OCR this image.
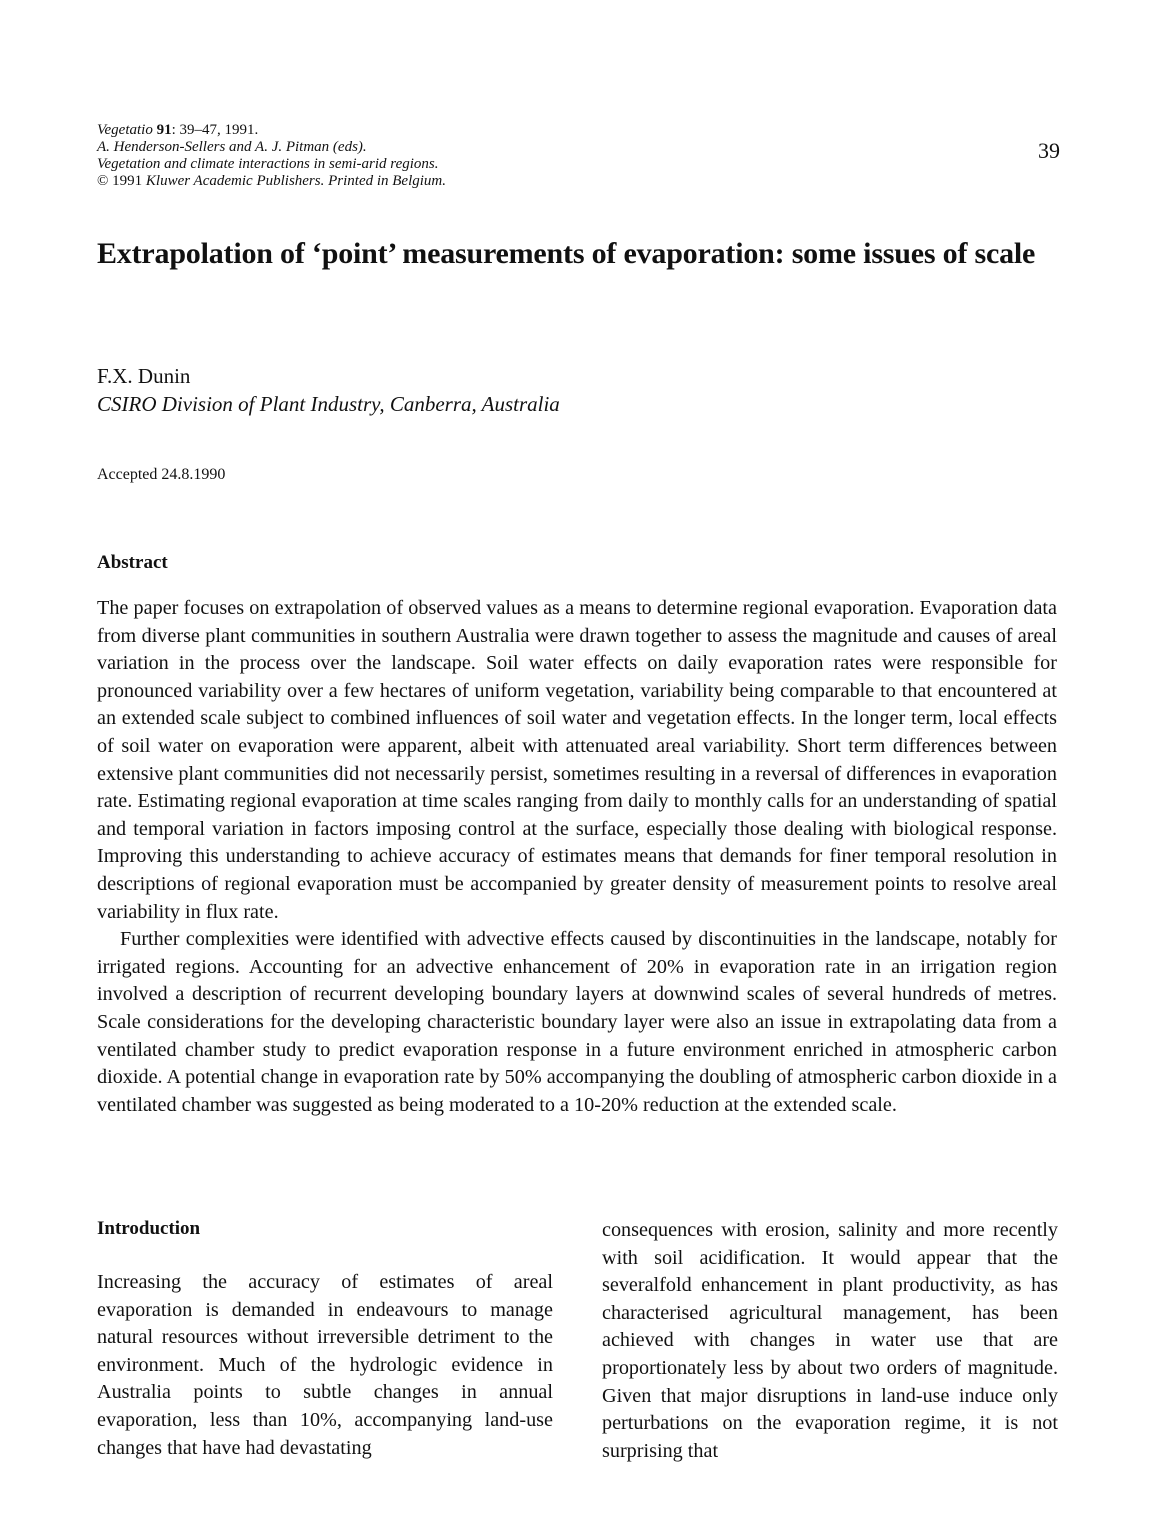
Vegetatio 91: 39–47, 1991.
A. Henderson-Sellers and A. J. Pitman (eds).
Vegetation and climate interactions in semi-arid regions.
© 1991 Kluwer Academic Publishers. Printed in Belgium.
39
Extrapolation of ‘point’ measurements of evaporation: some issues of scale
F.X. Dunin
CSIRO Division of Plant Industry, Canberra, Australia
Accepted 24.8.1990
Abstract

The paper focuses on extrapolation of observed values as a means to determine regional evaporation. Evaporation data from diverse plant communities in southern Australia were drawn together to assess the magnitude and causes of areal variation in the process over the landscape. Soil water effects on daily evaporation rates were responsible for pronounced variability over a few hectares of uniform vegetation, variability being comparable to that encountered at an extended scale subject to combined influences of soil water and vegetation effects. In the longer term, local effects of soil water on evaporation were apparent, albeit with attenuated areal variability. Short term differences between extensive plant communities did not necessarily persist, sometimes resulting in a reversal of differences in evaporation rate. Estimating regional evaporation at time scales ranging from daily to monthly calls for an understanding of spatial and temporal variation in factors imposing control at the surface, especially those dealing with biological response. Improving this understanding to achieve accuracy of estimates means that demands for finer temporal resolution in descriptions of regional evaporation must be accompanied by greater density of measurement points to resolve areal variability in flux rate.

Further complexities were identified with advective effects caused by discontinuities in the landscape, notably for irrigated regions. Accounting for an advective enhancement of 20% in evaporation rate in an irrigation region involved a description of recurrent developing boundary layers at downwind scales of several hundreds of metres. Scale considerations for the developing characteristic boundary layer were also an issue in extrapolating data from a ventilated chamber study to predict evaporation response in a future environment enriched in atmospheric carbon dioxide. A potential change in evaporation rate by 50% accompanying the doubling of atmospheric carbon dioxide in a ventilated chamber was suggested as being moderated to a 10-20% reduction at the extended scale.

Introduction

Increasing the accuracy of estimates of areal evaporation is demanded in endeavours to manage natural resources without irreversible detriment to the environment. Much of the hydrologic evidence in Australia points to subtle changes in annual evaporation, less than 10%, accompanying land-use changes that have had devastating

consequences with erosion, salinity and more recently with soil acidification. It would appear that the severalfold enhancement in plant productivity, as has characterised agricultural management, has been achieved with changes in water use that are proportionately less by about two orders of magnitude. Given that major disruptions in land-use induce only perturbations on the evaporation regime, it is not surprising that
